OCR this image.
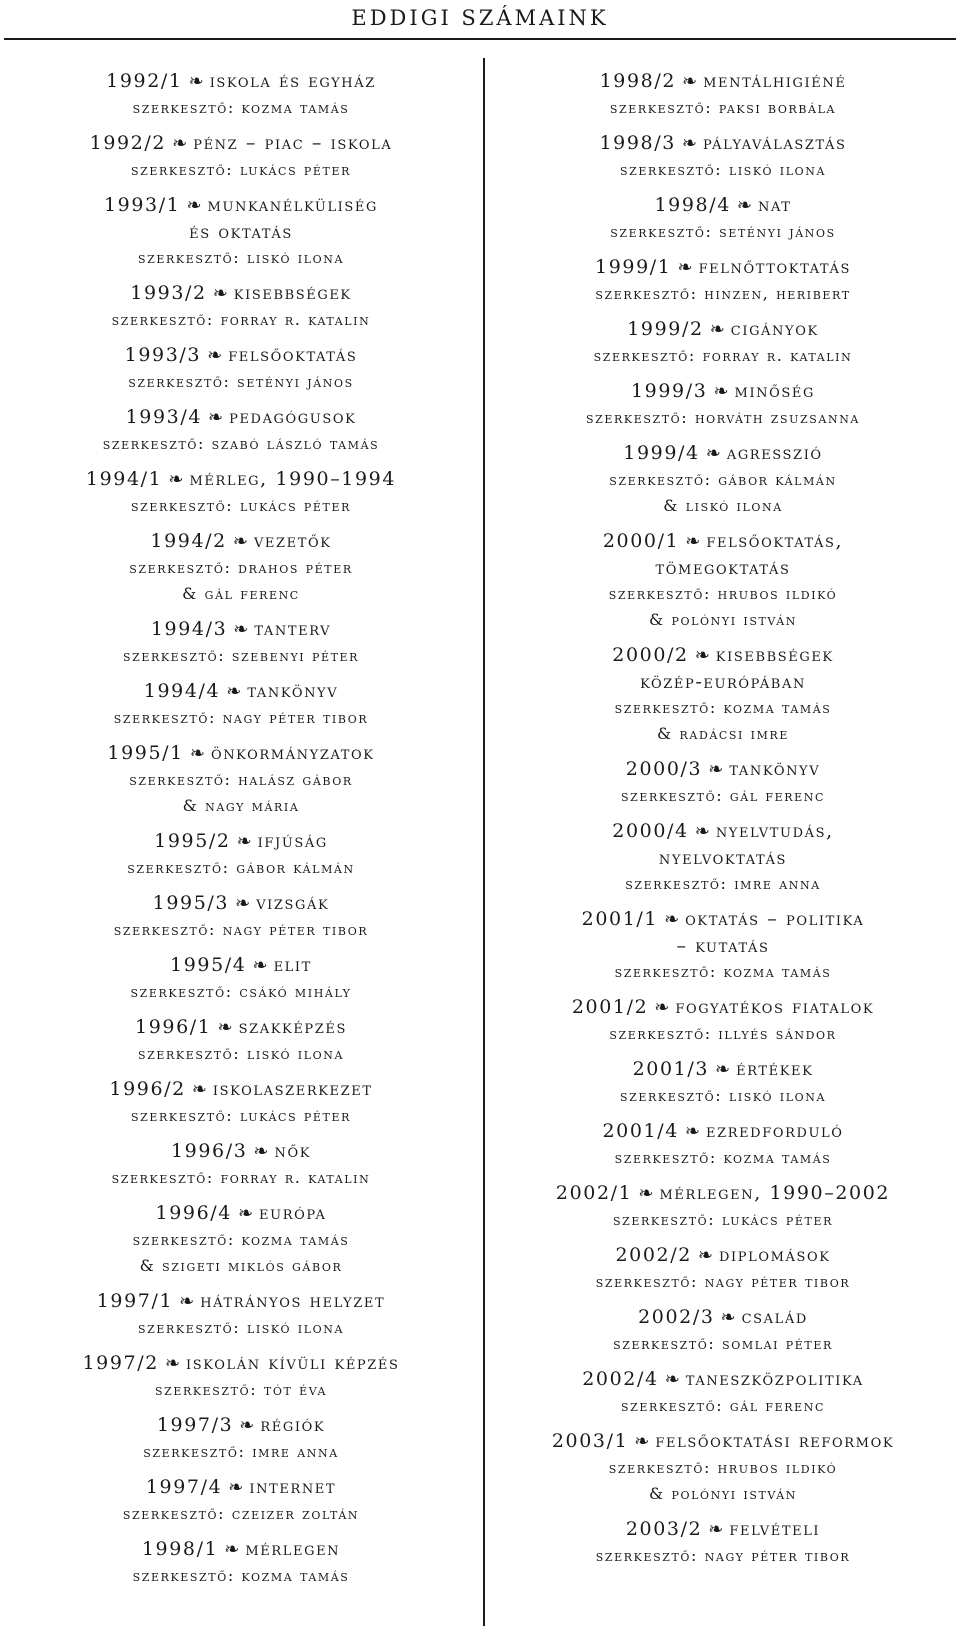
EDDIGI SZÁMAINK
1992/1 ❧ iskola és egyház
szerkesztő: kozma tamás
1992/2 ❧ pénz – piac – iskola
szerkesztő: lukács péter
1993/1 ❧ munkanélküliség
és oktatás
szerkesztő: liskó ilona
1993/2 ❧ kisebbségek
szerkesztő: forray r. katalin
1993/3 ❧ felsőoktatás
szerkesztő: setényi jános
1993/4 ❧ pedagógusok
szerkesztő: szabó lászló tamás
1994/1 ❧ mérleg, 1990–1994
szerkesztő: lukács péter
1994/2 ❧ vezetők
szerkesztő: drahos péter
& gál ferenc
1994/3 ❧ tanterv
szerkesztő: szebenyi péter
1994/4 ❧ tankönyv
szerkesztő: nagy péter tibor
1995/1 ❧ önkormányzatok
szerkesztő: halász gábor
& nagy mária
1995/2 ❧ ifjúság
szerkesztő: gábor kálmán
1995/3 ❧ vizsgák
szerkesztő: nagy péter tibor
1995/4 ❧ elit
szerkesztő: csákó mihály
1996/1 ❧ szakképzés
szerkesztő: liskó ilona
1996/2 ❧ iskolaszerkezet
szerkesztő: lukács péter
1996/3 ❧ nők
szerkesztő: forray r. katalin
1996/4 ❧ európa
szerkesztő: kozma tamás
& szigeti miklós gábor
1997/1 ❧ hátrányos helyzet
szerkesztő: liskó ilona
1997/2 ❧ iskolán kívüli képzés
szerkesztő: tót éva
1997/3 ❧ régiók
szerkesztő: imre anna
1997/4 ❧ internet
szerkesztő: czeizer zoltán
1998/1 ❧ mérlegen
szerkesztő: kozma tamás
1998/2 ❧ mentálhigiéné
szerkesztő: paksi borbála
1998/3 ❧ pályaválasztás
szerkesztő: liskó ilona
1998/4 ❧ nat
szerkesztő: setényi jános
1999/1 ❧ felnőttoktatás
szerkesztő: hinzen, heribert
1999/2 ❧ cigányok
szerkesztő: forray r. katalin
1999/3 ❧ minőség
szerkesztő: horváth zsuzsanna
1999/4 ❧ agresszió
szerkesztő: gábor kálmán
& liskó ilona
2000/1 ❧ felsőoktatás,
tömegoktatás
szerkesztő: hrubos ildikó
& polónyi istván
2000/2 ❧ kisebbségek
közép-európában
szerkesztő: kozma tamás
& radácsi imre
2000/3 ❧ tankönyv
szerkesztő: gál ferenc
2000/4 ❧ nyelvtudás,
nyelvoktatás
szerkesztő: imre anna
2001/1 ❧ oktatás – politika
– kutatás
szerkesztő: kozma tamás
2001/2 ❧ fogyatékos fiatalok
szerkesztő: illyés sándor
2001/3 ❧ értékek
szerkesztő: liskó ilona
2001/4 ❧ ezredforduló
szerkesztő: kozma tamás
2002/1 ❧ mérlegen, 1990–2002
szerkesztő: lukács péter
2002/2 ❧ diplomások
szerkesztő: nagy péter tibor
2002/3 ❧ család
szerkesztő: somlai péter
2002/4 ❧ taneszközpolitika
szerkesztő: gál ferenc
2003/1 ❧ felsőoktatási reformok
szerkesztő: hrubos ildikó
& polónyi istván
2003/2 ❧ felvételi
szerkesztő: nagy péter tibor
